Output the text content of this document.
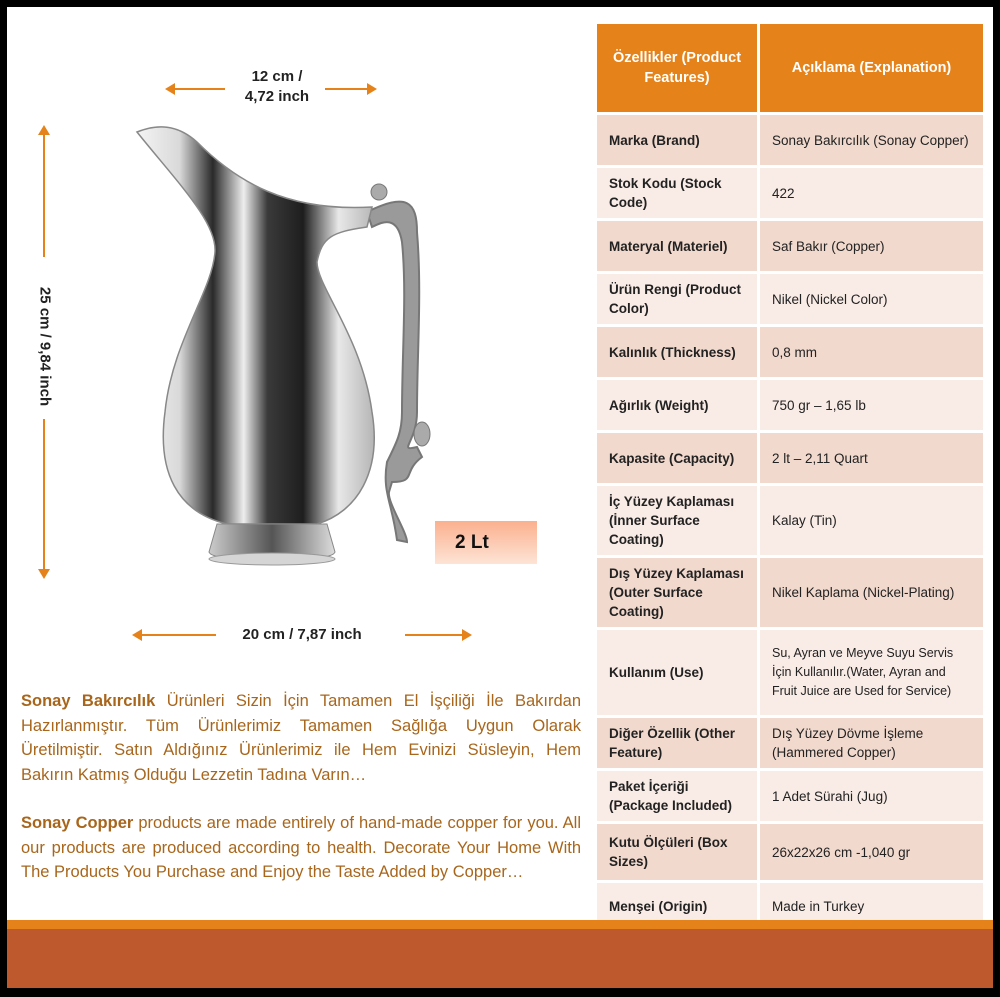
12 cm /
4,72 inch
25 cm / 9,84 inch
2 Lt
20 cm / 7,87 inch

Sonay Bakırcılık Ürünleri Sizin İçin Tamamen El İşçiliği İle Bakırdan Hazırlanmıştır. Tüm Ürünlerimiz Tamamen Sağlığa Uygun Olarak Üretilmiştir. Satın Aldığınız Ürünlerimiz ile Hem Evinizi Süsleyin, Hem Bakırın Katmış Olduğu Lezzetin Tadına Varın…

Sonay Copper products are made entirely of hand-made copper for you. All our products are produced according to health. Decorate Your Home With The Products You Purchase and Enjoy the Taste Added by Copper…

Özellikler (Product Features)	Açıklama (Explanation)
Marka (Brand)	Sonay Bakırcılık (Sonay Copper)
Stok Kodu (Stock Code)	422
Materyal (Materiel)	Saf Bakır (Copper)
Ürün Rengi (Product Color)	Nikel (Nickel Color)
Kalınlık (Thickness)	0,8 mm
Ağırlık (Weight)	750 gr – 1,65 lb
Kapasite (Capacity)	2 lt – 2,11 Quart
İç Yüzey Kaplaması (İnner Surface Coating)	Kalay (Tin)
Dış Yüzey Kaplaması (Outer Surface Coating)	Nikel Kaplama (Nickel-Plating)
Kullanım (Use)	Su, Ayran ve Meyve Suyu Servis İçin Kullanılır.(Water, Ayran and Fruit Juice are Used for Service)
Diğer Özellik (Other Feature)	Dış Yüzey Dövme İşleme (Hammered Copper)
Paket İçeriği (Package Included)	1 Adet Sürahi (Jug)
Kutu Ölçüleri (Box Sizes)	26x22x26 cm -1,040 gr
Menşei (Origin)	Made in Turkey
